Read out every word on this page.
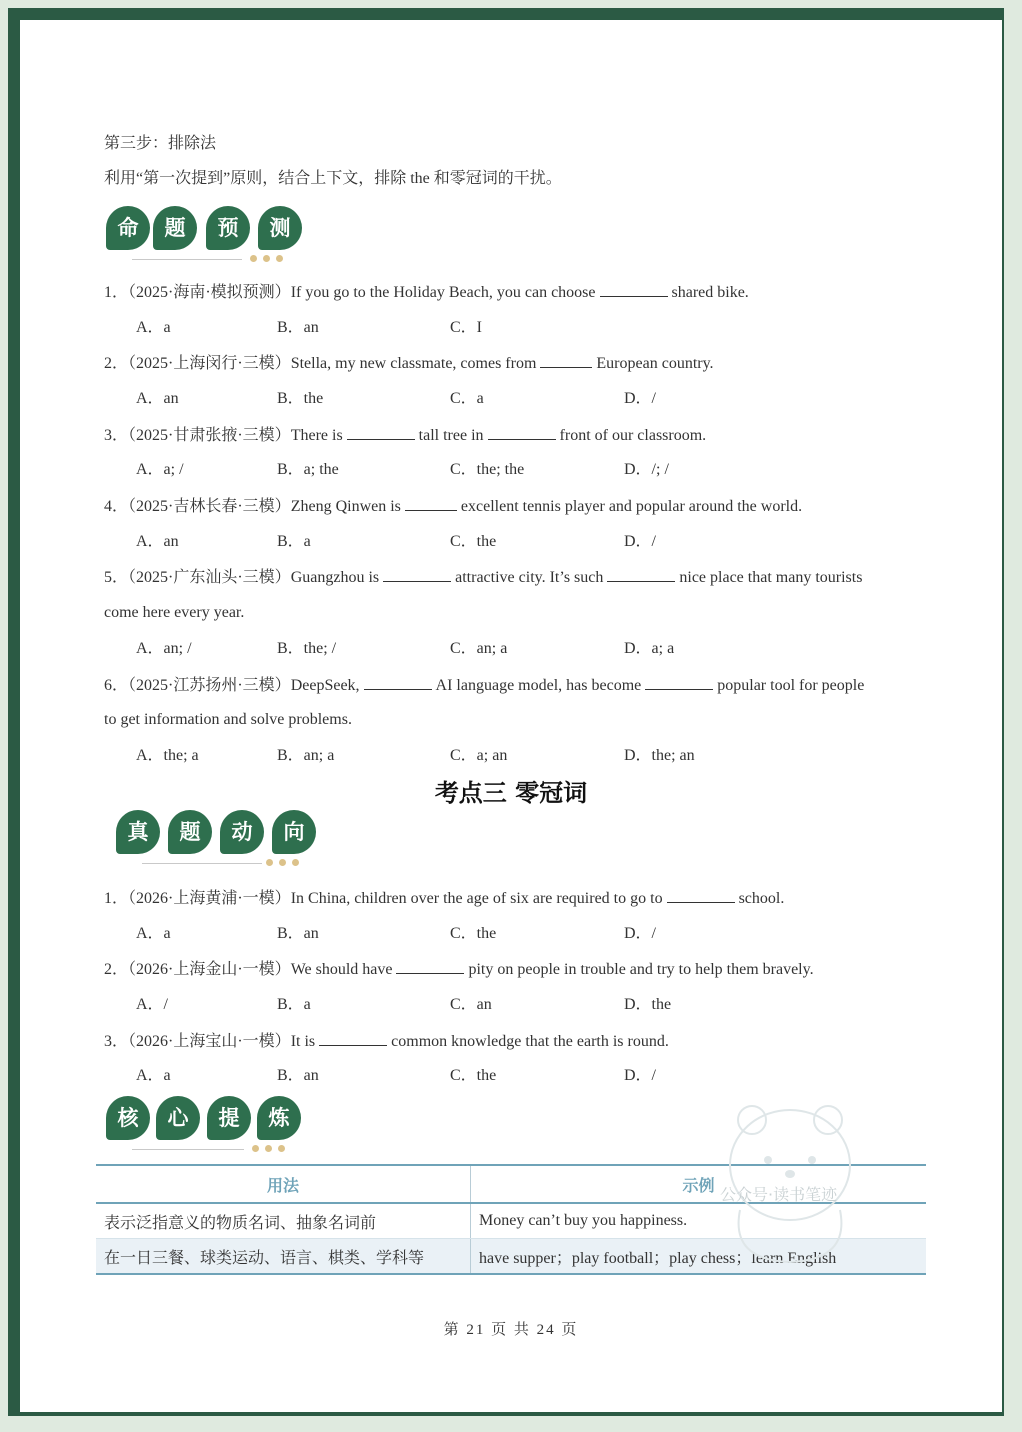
第三步：排除法
利用“第一次提到”原则，结合上下文，排除 the 和零冠词的干扰。
命	题	预	测
1．（2025·海南·模拟预测）If you go to the Holiday Beach, you can choose	shared bike.
A．a	B．an	C．I
2．（2025·上海闵行·三模）Stella, my new classmate, comes from	European country.
A．an	B．the	C．a	D．/
3．（2025·甘肃张掖·三模）There is	tall tree in	front of our classroom.
A．a; /	B．a; the	C．the; the	D．/; /
4．（2025·吉林长春·三模）Zheng Qinwen is	excellent tennis player and popular around the world.
A．an	B．a	C．the	D．/
5．（2025·广东汕头·三模）Guangzhou is	attractive city. It’s such	nice place that many tourists
come here every year.
A．an; /	B．the; /	C．an; a	D．a; a
6．（2025·江苏扬州·三模）DeepSeek,	AI language model, has become	popular tool for people
to get information and solve problems.
A．the; a	B．an; a	C．a; an	D．the; an
考点三 零冠词
真	题	动	向
1．（2026·上海黄浦·一模）In China, children over the age of six are required to go to	school.
A．a	B．an	C．the	D．/
2．（2026·上海金山·一模）We should have	pity on people in trouble and try to help them bravely.
A．/	B．a	C．an	D．the
3．（2026·上海宝山·一模）It is	common knowledge that the earth is round.
A．a	B．an	C．the	D．/
核	心	提	炼
用法	示例
表示泛指意义的物质名词、抽象名词前	Money can’t buy you happiness.
在一日三餐、球类运动、语言、棋类、学科等	have supper；play football；play chess；learn English
公众号·读书笔迹
第 21 页 共 24 页
